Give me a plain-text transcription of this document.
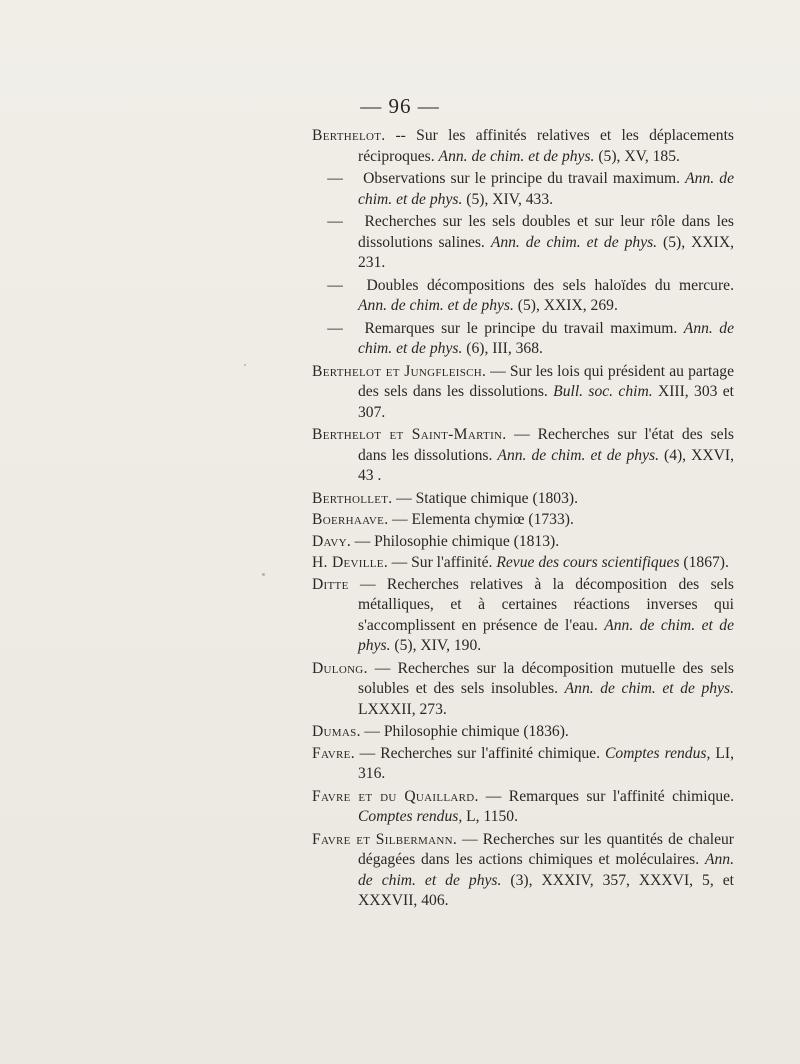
— 96 —

Berthelot. -- Sur les affinités relatives et les déplacements réciproques. Ann. de chim. et de phys. (5), XV, 185.

— Observations sur le principe du travail maximum. Ann. de chim. et de phys. (5), XIV, 433.

— Recherches sur les sels doubles et sur leur rôle dans les dissolutions salines. Ann. de chim. et de phys. (5), XXIX, 231.

— Doubles décompositions des sels haloïdes du mercure. Ann. de chim. et de phys. (5), XXIX, 269.

— Remarques sur le principe du travail maximum. Ann. de chim. et de phys. (6), III, 368.

Berthelot et Jungfleisch. — Sur les lois qui président au partage des sels dans les dissolutions. Bull. soc. chim. XIII, 303 et 307.

Berthelot et Saint-Martin. — Recherches sur l'état des sels dans les dissolutions. Ann. de chim. et de phys. (4), XXVI, 43 .

Berthollet. — Statique chimique (1803).

Boerhaave. — Elementa chymiœ (1733).

Davy. — Philosophie chimique (1813).

H. Deville. — Sur l'affinité. Revue des cours scientifiques (1867).

Ditte — Recherches relatives à la décomposition des sels métalliques, et à certaines réactions inverses qui s'accomplissent en présence de l'eau. Ann. de chim. et de phys. (5), XIV, 190.

Dulong. — Recherches sur la décomposition mutuelle des sels solubles et des sels insolubles. Ann. de chim. et de phys. LXXXII, 273.

Dumas. — Philosophie chimique (1836).

Favre. — Recherches sur l'affinité chimique. Comptes rendus, LI, 316.

Favre et du Quaillard. — Remarques sur l'affinité chimique. Comptes rendus, L, 1150.

Favre et Silbermann. — Recherches sur les quantités de chaleur dégagées dans les actions chimiques et moléculaires. Ann. de chim. et de phys. (3), XXXIV, 357, XXXVI, 5, et XXXVII, 406.
